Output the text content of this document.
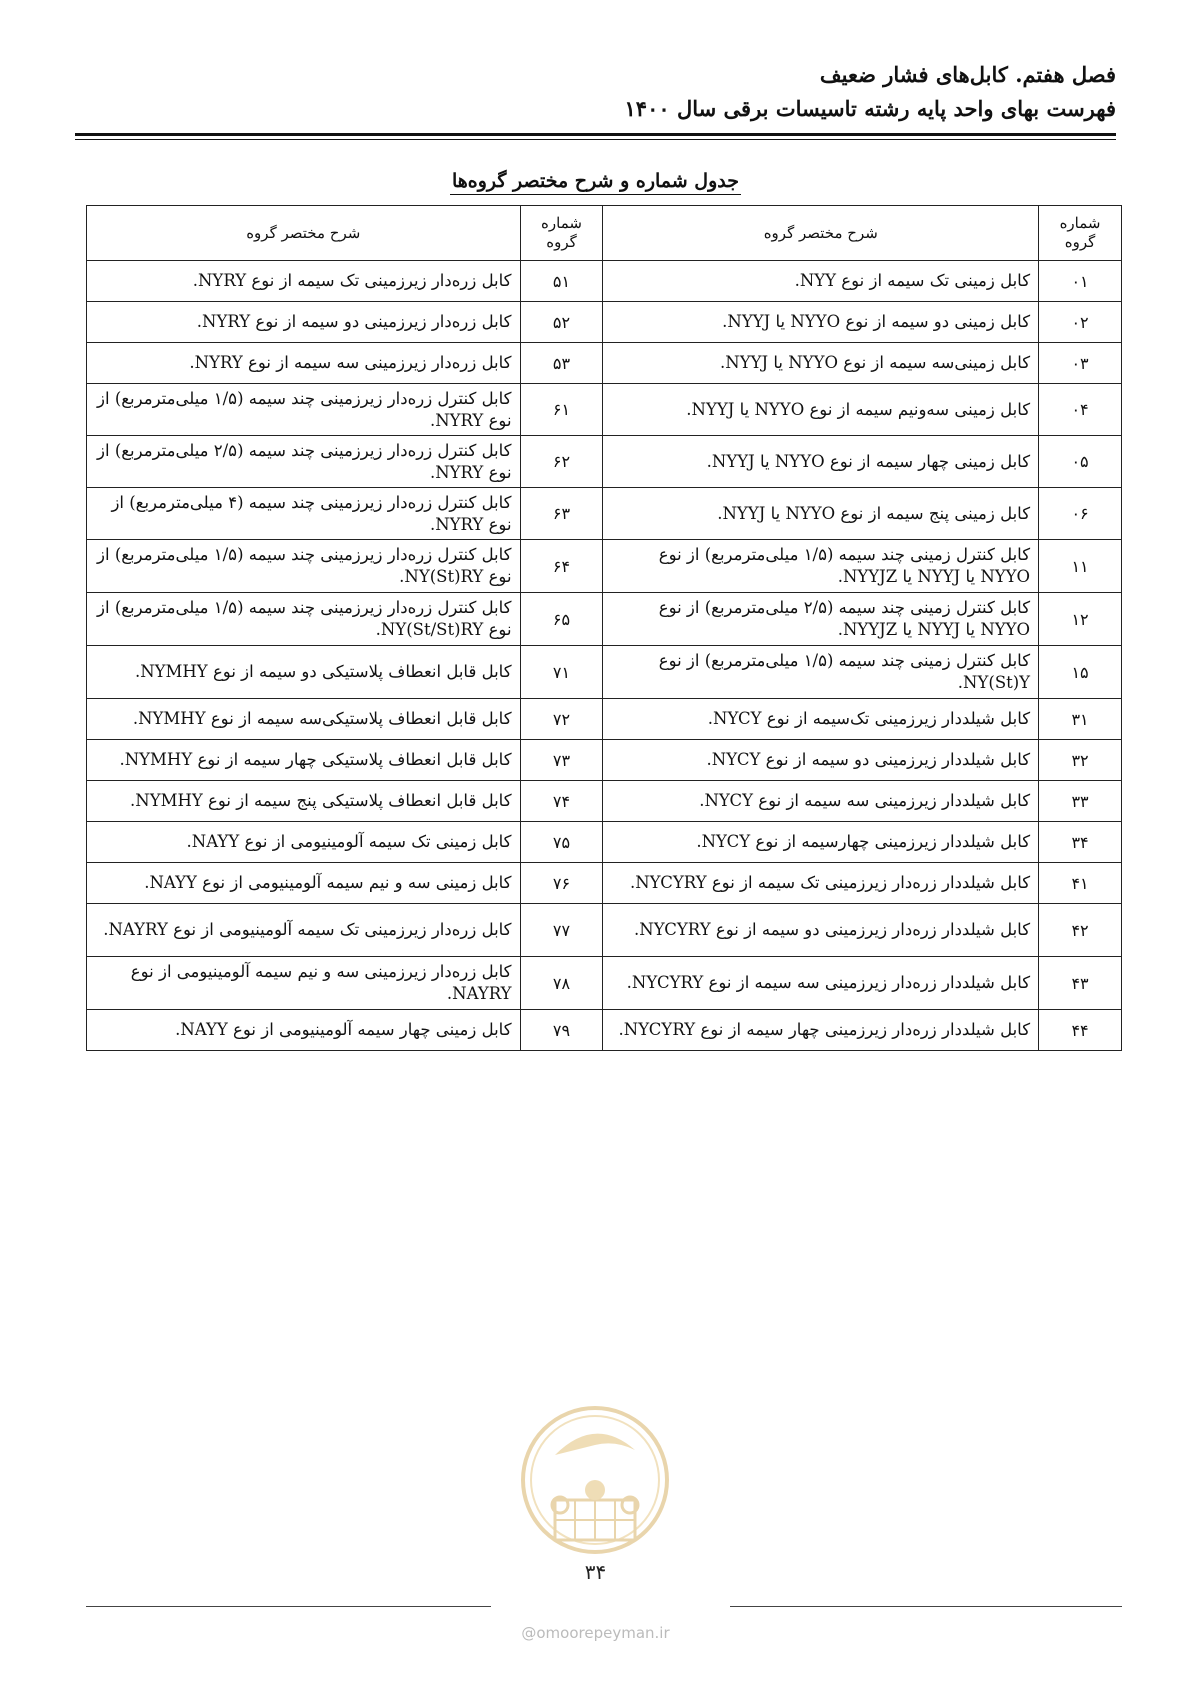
فصل هفتم. کابل‌های فشار ضعیف
فهرست بهای واحد پایه رشته تاسیسات برقی سال ۱۴۰۰
جدول شماره و شرح مختصر گروه‌ها
شماره گروه	شرح مختصر گروه	شماره گروه	شرح مختصر گروه
۰۱	کابل زمینی تک سیمه از نوع NYY.	۵۱	کابل زره‌دار زیرزمینی تک سیمه از نوع NYRY.
۰۲	کابل زمینی دو سیمه از نوع NYYO یا NYYJ.	۵۲	کابل زره‌دار زیرزمینی دو سیمه از نوع NYRY.
۰۳	کابل زمینی‌سه سیمه از نوع NYYO یا NYYJ.	۵۳	کابل زره‌دار زیرزمینی سه سیمه از نوع NYRY.
۰۴	کابل زمینی سه‌ونیم سیمه از نوع NYYO یا NYYJ.	۶۱	کابل کنترل زره‌دار زیرزمینی چند سیمه (۱/۵ میلی‌مترمربع) از نوع NYRY.
۰۵	کابل زمینی چهار سیمه از نوع NYYO یا NYYJ.	۶۲	کابل کنترل زره‌دار زیرزمینی چند سیمه (۲/۵ میلی‌مترمربع) از نوع NYRY.
۰۶	کابل زمینی پنج سیمه از نوع NYYO یا NYYJ.	۶۳	کابل کنترل زره‌دار زیرزمینی چند سیمه (۴ میلی‌مترمربع) از نوع NYRY.
۱۱	کابل کنترل زمینی چند سیمه (۱/۵ میلی‌مترمربع) از نوع NYYO یا NYYJ یا NYYJZ.	۶۴	کابل کنترل زره‌دار زیرزمینی چند سیمه (۱/۵ میلی‌مترمربع) از نوع NY(St)RY.
۱۲	کابل کنترل زمینی چند سیمه (۲/۵ میلی‌مترمربع) از نوع NYYO یا NYYJ یا NYYJZ.	۶۵	کابل کنترل زره‌دار زیرزمینی چند سیمه (۱/۵ میلی‌مترمربع) از نوع NY(St/St)RY.
۱۵	کابل کنترل زمینی چند سیمه (۱/۵ میلی‌مترمربع) از نوع NY(St)Y.	۷۱	کابل قابل انعطاف پلاستیکی دو سیمه از نوع NYMHY.
۳۱	کابل شیلددار زیرزمینی تک‌سیمه از نوع NYCY.	۷۲	کابل قابل انعطاف پلاستیکی‌سه سیمه از نوع NYMHY.
۳۲	کابل شیلددار زیرزمینی دو سیمه از نوع NYCY.	۷۳	کابل قابل انعطاف پلاستیکی چهار سیمه از نوع NYMHY.
۳۳	کابل شیلددار زیرزمینی سه سیمه از نوع NYCY.	۷۴	کابل قابل انعطاف پلاستیکی پنج سیمه از نوع NYMHY.
۳۴	کابل شیلددار زیرزمینی چهارسیمه از نوع NYCY.	۷۵	کابل زمینی تک سیمه آلومینیومی از نوع NAYY.
۴۱	کابل شیلددار زره‌دار زیرزمینی تک سیمه از نوع NYCYRY.	۷۶	کابل زمینی سه و نیم سیمه آلومینیومی از نوع NAYY.
۴۲	کابل شیلددار زره‌دار زیرزمینی دو سیمه از نوع NYCYRY.	۷۷	کابل زره‌دار زیرزمینی تک سیمه آلومینیومی از نوع NAYRY.
۴۳	کابل شیلددار زره‌دار زیرزمینی سه سیمه از نوع NYCYRY.	۷۸	کابل زره‌دار زیرزمینی سه و نیم سیمه آلومینیومی از نوع NAYRY.
۴۴	کابل شیلددار زره‌دار زیرزمینی چهار سیمه از نوع NYCYRY.	۷۹	کابل زمینی چهار سیمه آلومینیومی از نوع NAYY.
۳۴
@omoorepeyman.ir
